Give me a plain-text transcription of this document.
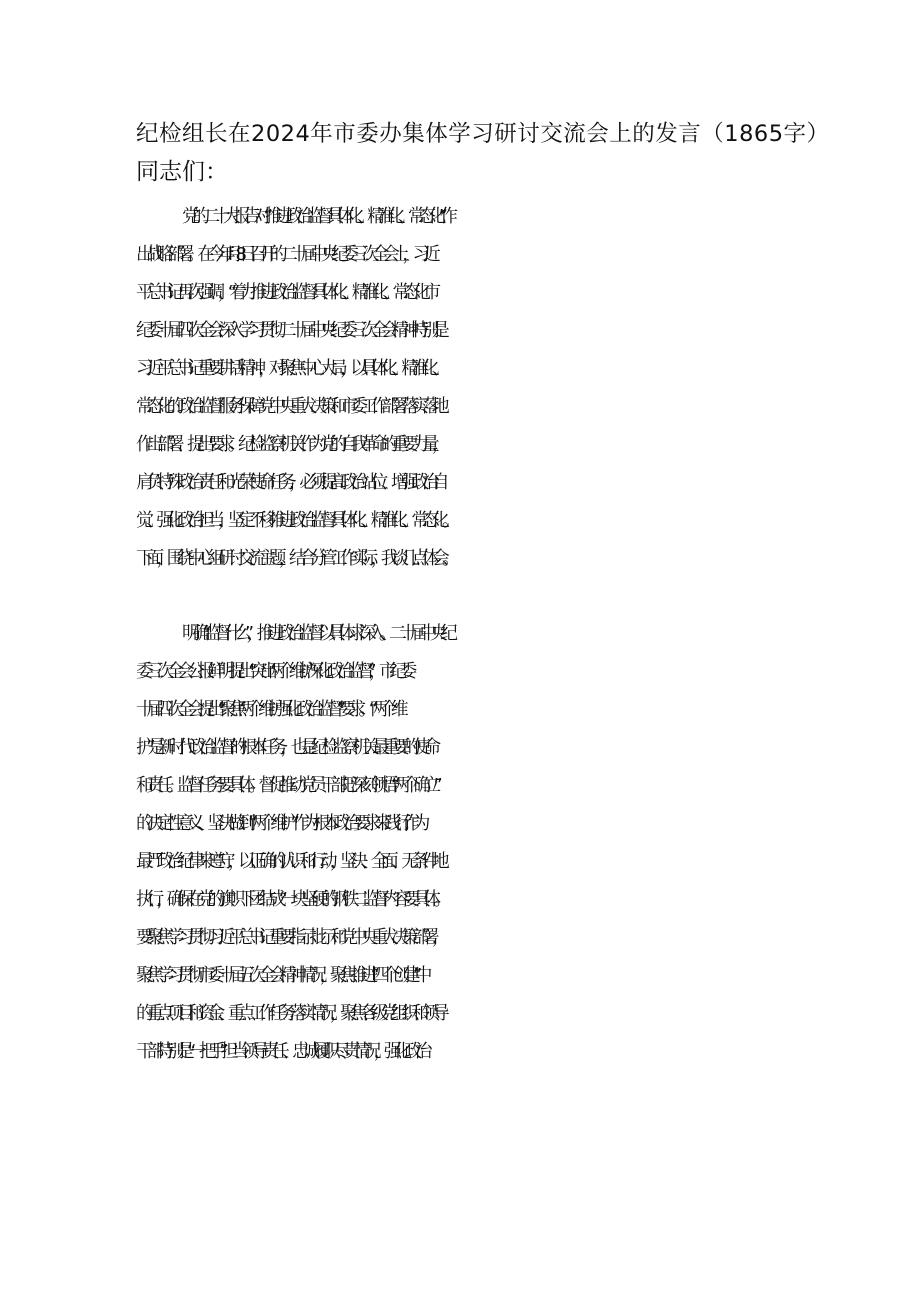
纪检组长在2024年市委办集体学习研讨交流会上的发言（1865字）
同志们：
党的二十大报告对“推进政治监督具体化、精准化、常态化”作
出战略部署。在今年I月8日召开的二十届中央纪委三次全会上，习近
平总书记再次强调，“着力推进政治监督具体化、精准化、常态化市
纪委十届四次全会深入学习贯彻二十届中央纪委三次全会精神特别是
习近平总书记重要讲话精神，对聚焦中心大局，以具体化、精准化、
常态化的政治监督服务保障党中央重大决策和市委工作部署落实落地
作出部署、提出要求。纪检监察机关作为党的自我革命的重要力量，
肩负特殊政治责任和光荣使命任务，必须提高政治站位、增强政治自
觉、强化政治担当，坚定不移推进政治监督具体化、精准化、常态化。
下面，围绕中心组研讨交流主题，结合分管工作实际，我谈几点体会。
明确“监督什么”，推进政治监督以具体求深入。二十届中央纪
委三次全会公报鲜明提出“突出‘两个维护'深化政治监督”，市纪委
十届四次全会提出“聚焦‘两个维护'强化政治监督”要求。“两个维
护”是新时代政治监督的根本任务，也是纪检监察机关最重要的使命
和责任。监督任务要具体。督促推动党员干部把深刻领悟“两个确立”
的决定性意义、坚决做到“两个维护”作为根本政治要求来践行,作为
最严政治纪律来遵守，以正确的认识和行动，坚决、全面、无条件地
执行，确保在党的旗帜下团结成“一块坚硬的钢铁二监督内容要具体。
要聚焦学习贯彻习近平总书记重要指示批示和党中央重大决策部署，
聚焦学习贯彻市委十届五次全会精神情况，聚焦推进“四个创建”中
的重点项目和资金、重点工作任务落实情况，聚焦各级党组织和领导
干部特别是“一把手”担当领导责任、忠诚履职尽责情况，强化政治
